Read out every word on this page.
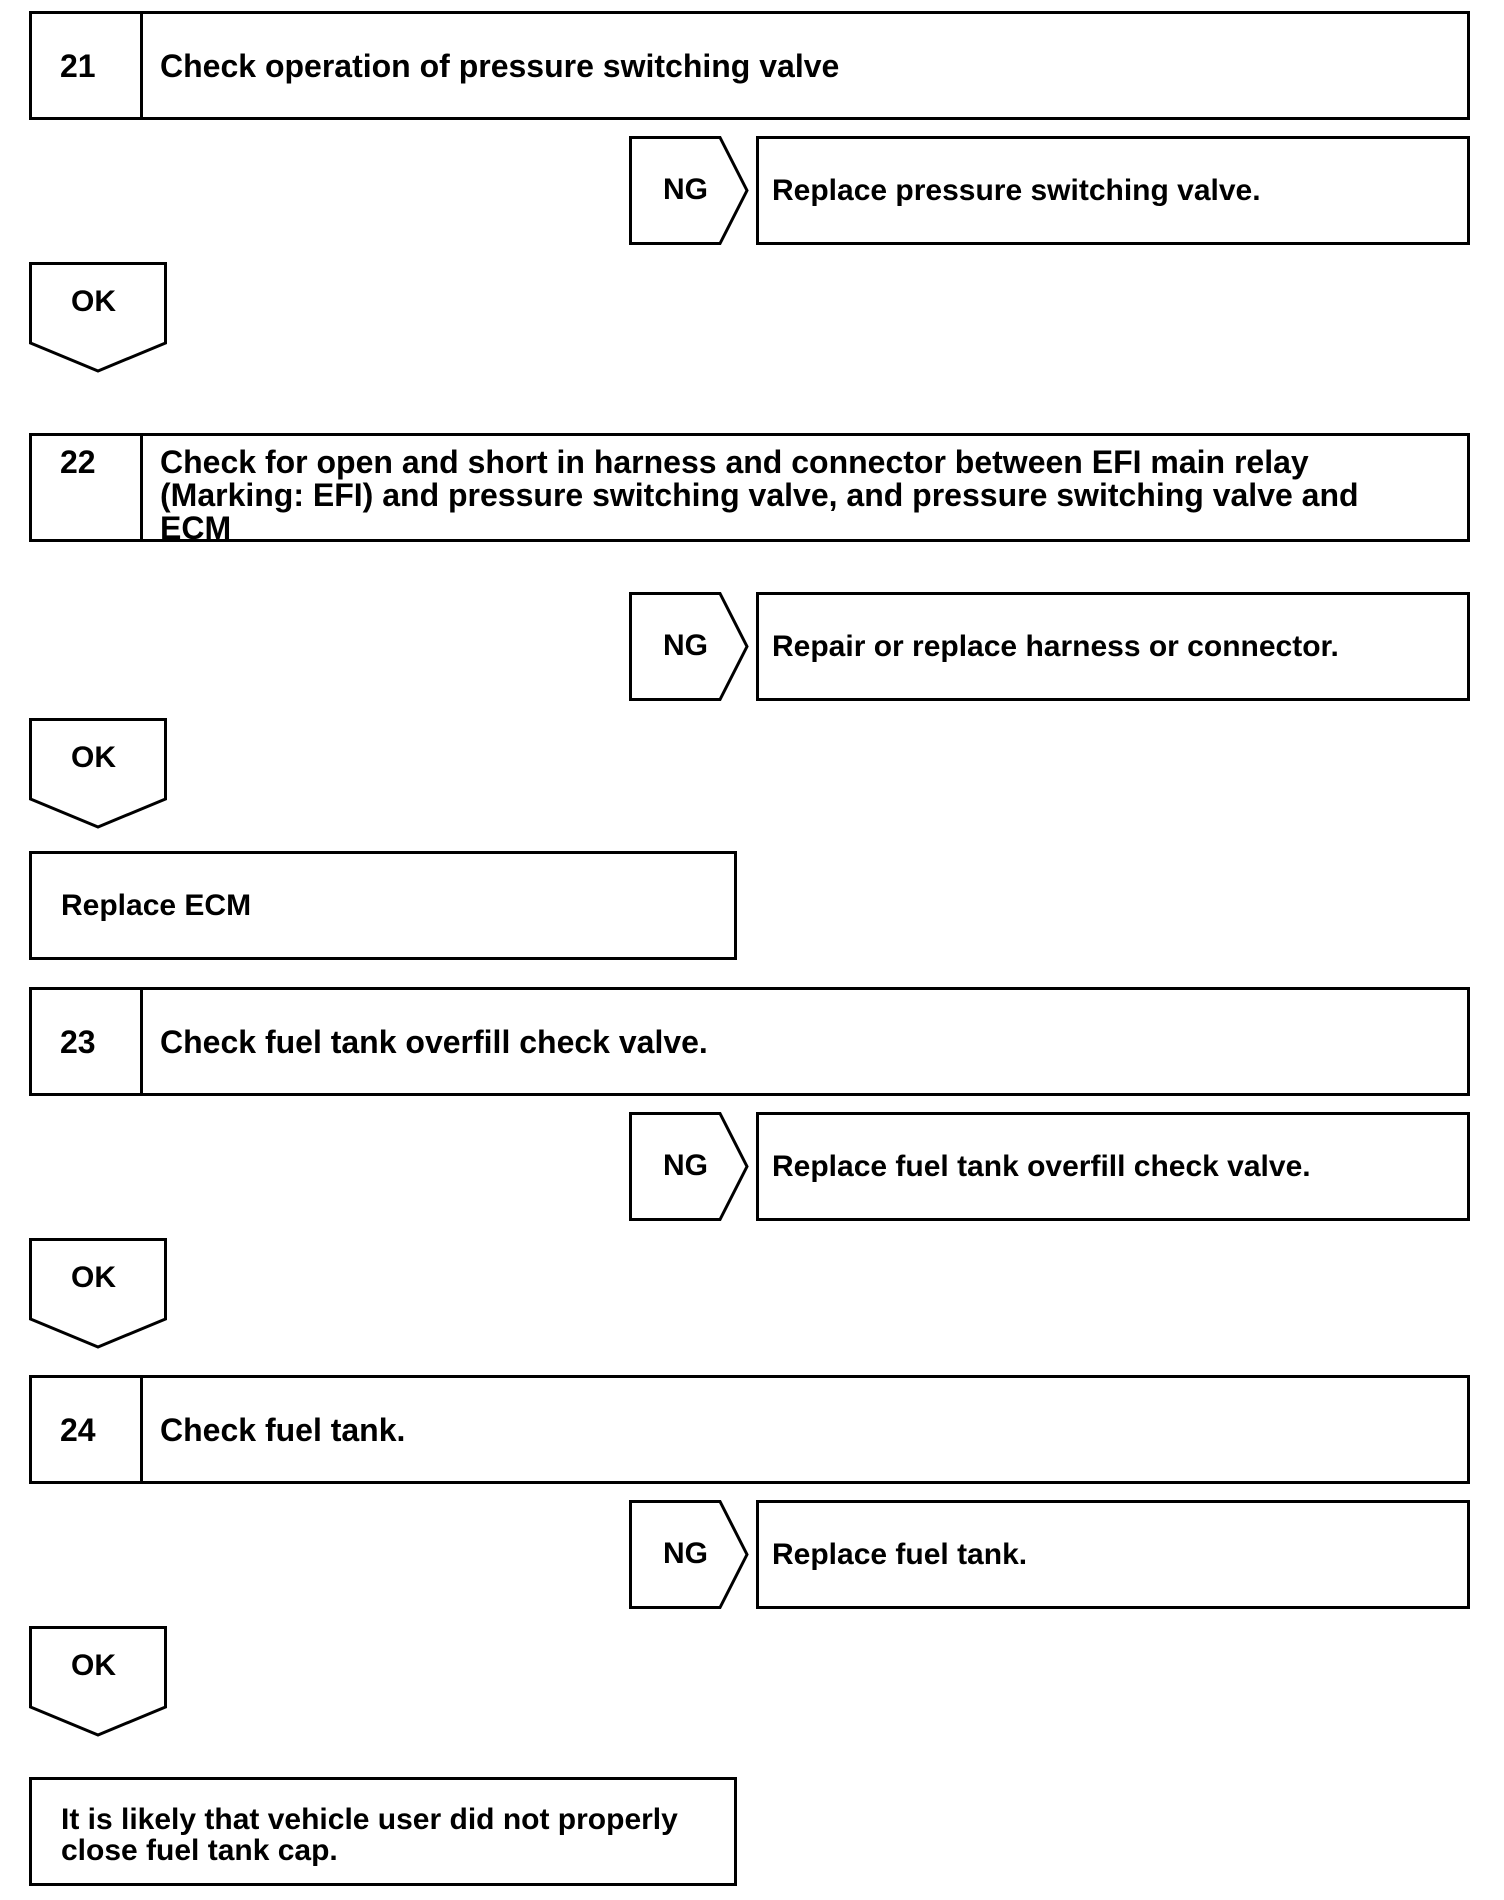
21	Check operation of pressure switching valve
NG	Replace pressure switching valve.
OK
22	Check for open and short in harness and connector between EFI main relay
(Marking: EFI) and pressure switching valve, and pressure switching valve and
ECM
NG	Repair or replace harness or connector.
OK
Replace ECM
23	Check fuel tank overfill check valve.
NG	Replace fuel tank overfill check valve.
OK
24	Check fuel tank.
NG	Replace fuel tank.
OK
It is likely that vehicle user did not properly
close fuel tank cap.
